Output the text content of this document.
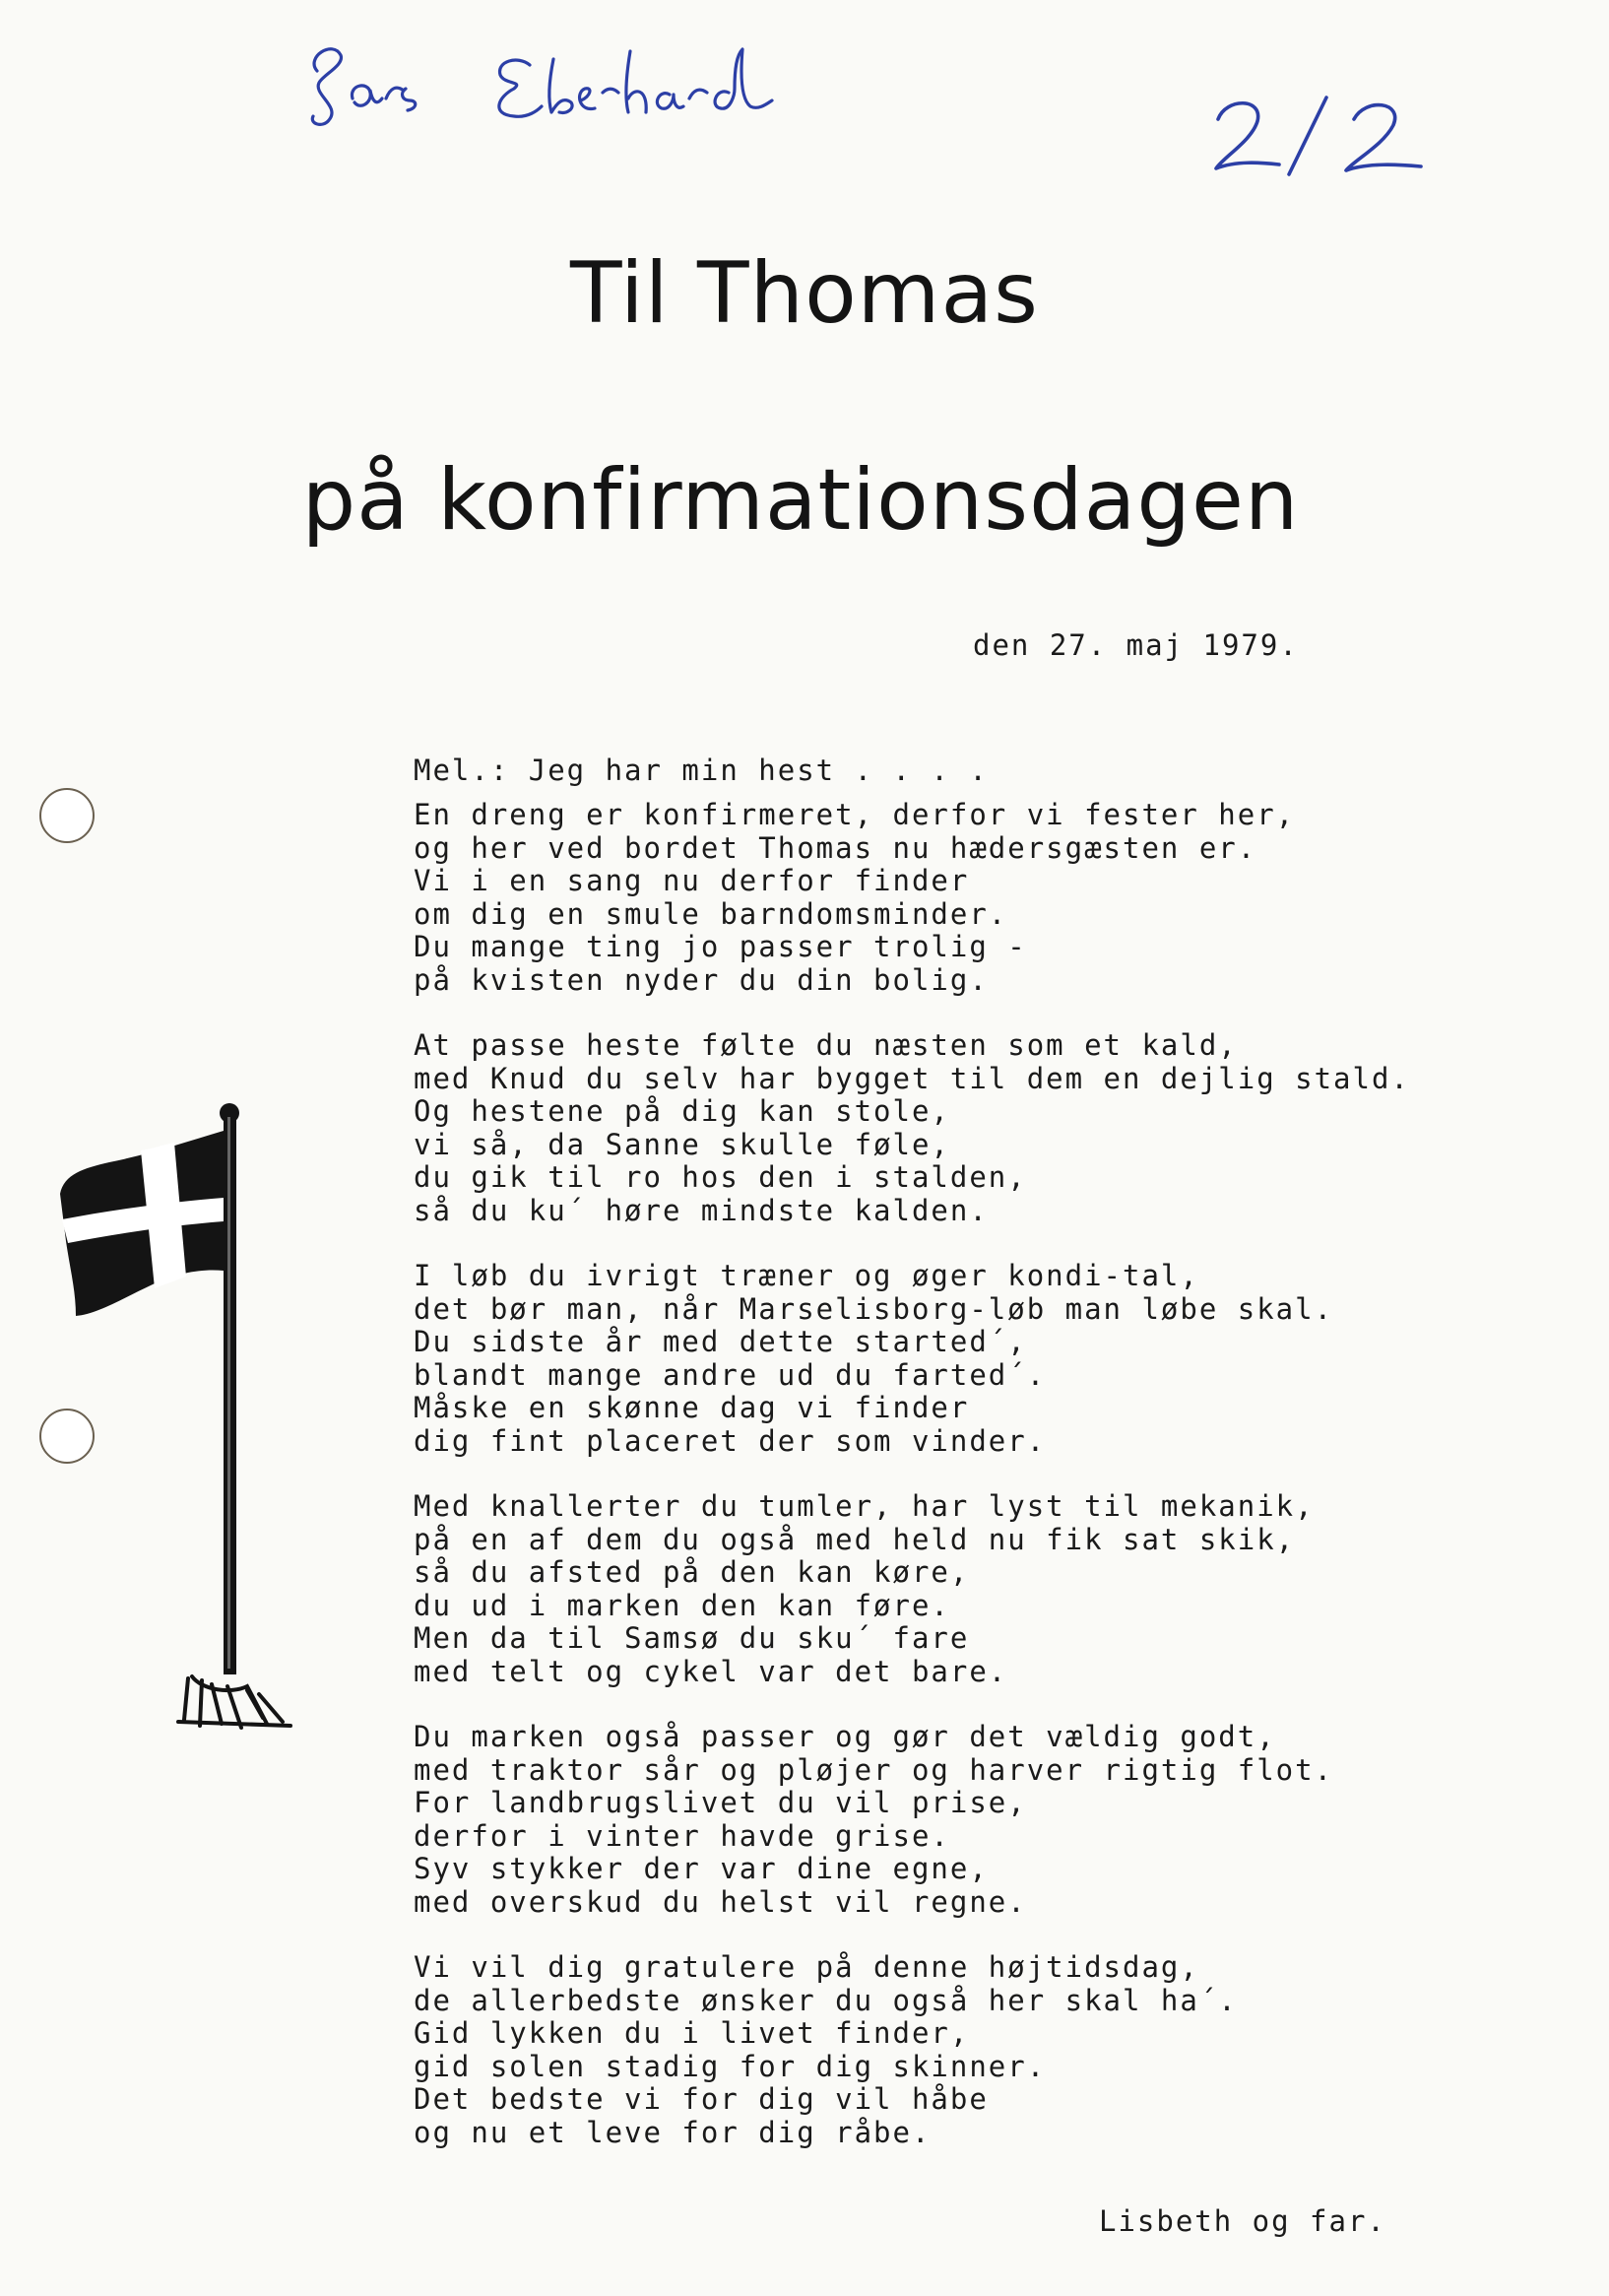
Til Thomas
på konfirmationsdagen
den 27. maj 1979.
Mel.: Jeg har min hest . . . .
En dreng er konfirmeret, derfor vi fester her,
og her ved bordet Thomas nu hædersgæsten er.
Vi i en sang nu derfor finder
om dig en smule barndomsminder.
Du mange ting jo passer trolig -
på kvisten nyder du din bolig.
At passe heste følte du næsten som et kald,
med Knud du selv har bygget til dem en dejlig stald.
Og hestene på dig kan stole,
vi så, da Sanne skulle føle,
du gik til ro hos den i stalden,
så du ku´ høre mindste kalden.
I løb du ivrigt træner og øger kondi-tal,
det bør man, når Marselisborg-løb man løbe skal.
Du sidste år med dette started´,
blandt mange andre ud du farted´.
Måske en skønne dag vi finder
dig fint placeret der som vinder.
Med knallerter du tumler, har lyst til mekanik,
på en af dem du også med held nu fik sat skik,
så du afsted på den kan køre,
du ud i marken den kan føre.
Men da til Samsø du sku´ fare
med telt og cykel var det bare.
Du marken også passer og gør det vældig godt,
med traktor sår og pløjer og harver rigtig flot.
For landbrugslivet du vil prise,
derfor i vinter havde grise.
Syv stykker der var dine egne,
med overskud du helst vil regne.
Vi vil dig gratulere på denne højtidsdag,
de allerbedste ønsker du også her skal ha´.
Gid lykken du i livet finder,
gid solen stadig for dig skinner.
Det bedste vi for dig vil håbe
og nu et leve for dig råbe.
Lisbeth og far.
